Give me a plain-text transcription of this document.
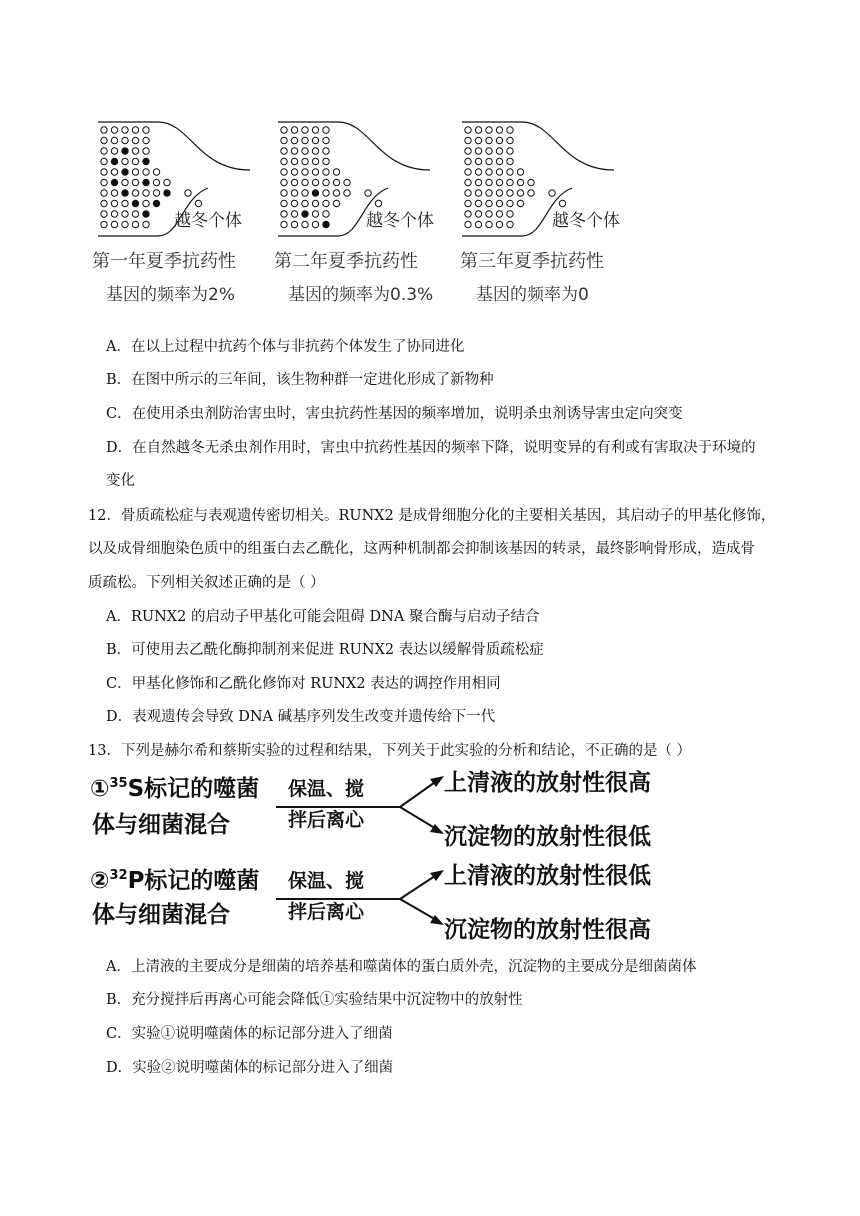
越冬个体	越冬个体	越冬个体
第一年夏季抗药性
基因的频率为2%
第二年夏季抗药性
基因的频率为0.3%
第三年夏季抗药性
基因的频率为0
A．在以上过程中抗药个体与非抗药个体发生了协同进化
B．在图中所示的三年间，该生物种群一定进化形成了新物种
C．在使用杀虫剂防治害虫时，害虫抗药性基因的频率增加，说明杀虫剂诱导害虫定向突变
D．在自然越冬无杀虫剂作用时，害虫中抗药性基因的频率下降，说明变异的有利或有害取决于环境的
变化
12．骨质疏松症与表观遗传密切相关。RUNX2 是成骨细胞分化的主要相关基因，其启动子的甲基化修饰，
以及成骨细胞染色质中的组蛋白去乙酰化，这两种机制都会抑制该基因的转录，最终影响骨形成，造成骨
质疏松。下列相关叙述正确的是（ ）
A．RUNX2 的启动子甲基化可能会阻碍 DNA 聚合酶与启动子结合
B．可使用去乙酰化酶抑制剂来促进 RUNX2 表达以缓解骨质疏松症
C．甲基化修饰和乙酰化修饰对 RUNX2 表达的调控作用相同
D．表观遗传会导致 DNA 碱基序列发生改变并遗传给下一代
13．下列是赫尔希和蔡斯实验的过程和结果，下列关于此实验的分析和结论，不正确的是（ ）
①$^{35}$S标记的噬菌
体与细菌混合
保温、搅
拌后离心
上清液的放射性很高
沉淀物的放射性很低
②$^{32}$P标记的噬菌
体与细菌混合
保温、搅
拌后离心
上清液的放射性很低
沉淀物的放射性很高
A．上清液的主要成分是细菌的培养基和噬菌体的蛋白质外壳，沉淀物的主要成分是细菌菌体
B．充分搅拌后再离心可能会降低①实验结果中沉淀物中的放射性
C．实验①说明噬菌体的标记部分进入了细菌
D．实验②说明噬菌体的标记部分进入了细菌
